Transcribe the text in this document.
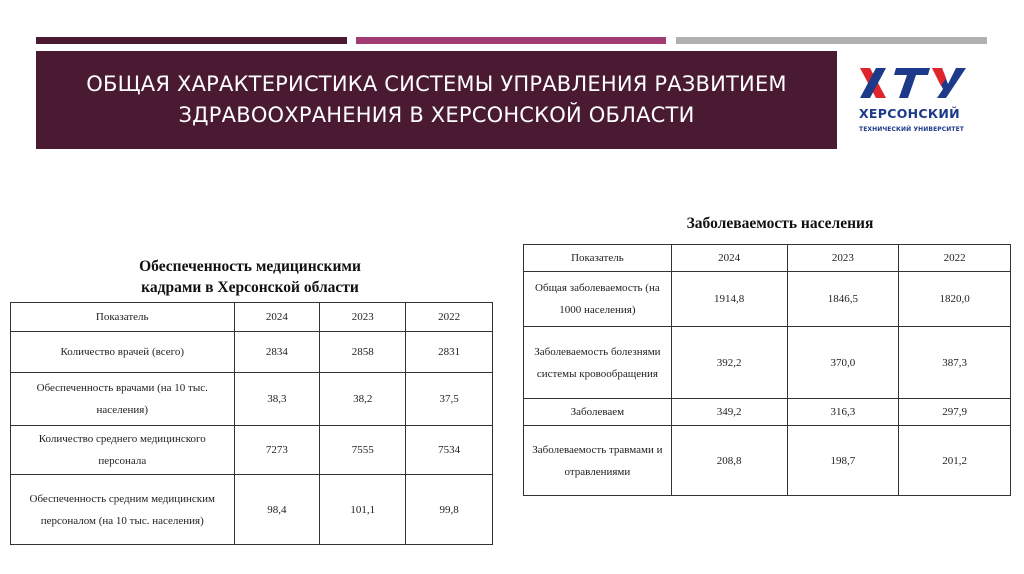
ОБЩАЯ ХАРАКТЕРИСТИКА СИСТЕМЫ УПРАВЛЕНИЯ РАЗВИТИЕМ
ЗДРАВООХРАНЕНИЯ В ХЕРСОНСКОЙ ОБЛАСТИ	ХЕРСОНСКИЙ
ТЕХНИЧЕСКИЙ УНИВЕРСИТЕТ
Заболеваемость населения
Обеспеченность медицинскими
кадрами в Херсонской области
Показатель	2024	2023	2022
Количество врачей (всего)	2834	2858	2831
Обеспеченность врачами (на 10 тыс. населения)	38,3	38,2	37,5
Количество среднего медицинского персонала	7273	7555	7534
Обеспеченность средним медицинским персоналом (на 10 тыс. населения)	98,4	101,1	99,8
Показатель	2024	2023	2022
Общая заболеваемость (на 1000 населения)	1914,8	1846,5	1820,0
Заболеваемость болезнями системы кровообращения	392,2	370,0	387,3
Заболеваем	349,2	316,3	297,9
Заболеваемость травмами и отравлениями	208,8	198,7	201,2
